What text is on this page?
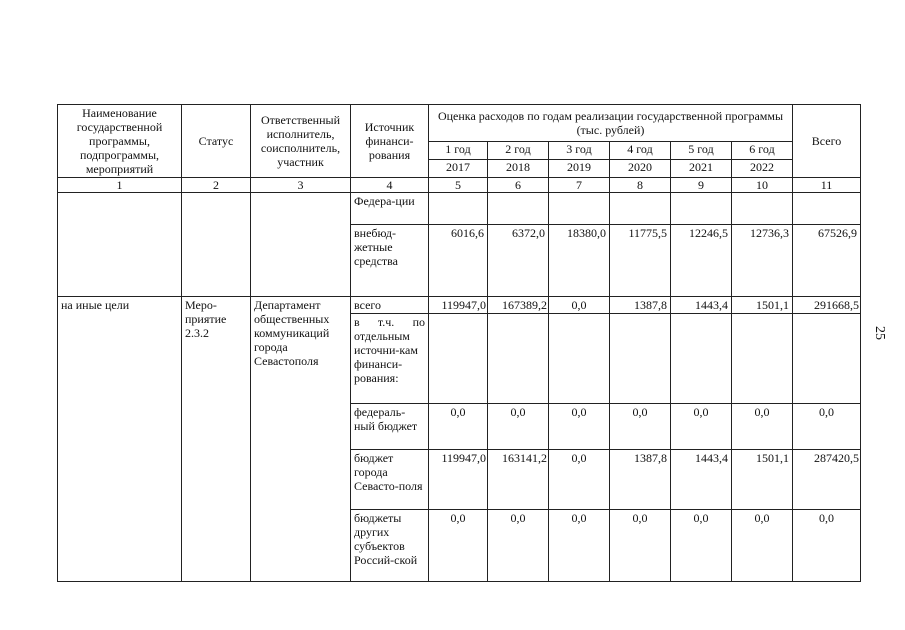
Наименование государственной программы, подпрограммы, мероприятий	Статус	Ответственный исполнитель, соисполнитель, участник	Источник финанси-рования	Оценка расходов по годам реализации государственной программы (тыс. рублей)						Всего
				1 год	2 год	3 год	4 год	5 год	6 год	
				2017	2018	2019	2020	2021	2022	
1	2	3	4	5	6	7	8	9	10	11
			Федера-ции							
			внебюд-жетные средства	6016,6	6372,0	18380,0	11775,5	12246,5	12736,3	67526,9
на иные цели	Меро-приятие 2.3.2	Департамент общественных коммуникаций города Севастополя	всего	119947,0	167389,2	0,0	1387,8	1443,4	1501,1	291668,5
			в т.ч. по отдельным источни-кам финанси-рования:							
			федераль-ный бюджет	0,0	0,0	0,0	0,0	0,0	0,0	0,0
			бюджет города Севасто-поля	119947,0	163141,2	0,0	1387,8	1443,4	1501,1	287420,5
			бюджеты других субъектов Россий-ской	0,0	0,0	0,0	0,0	0,0	0,0	0,0
25
